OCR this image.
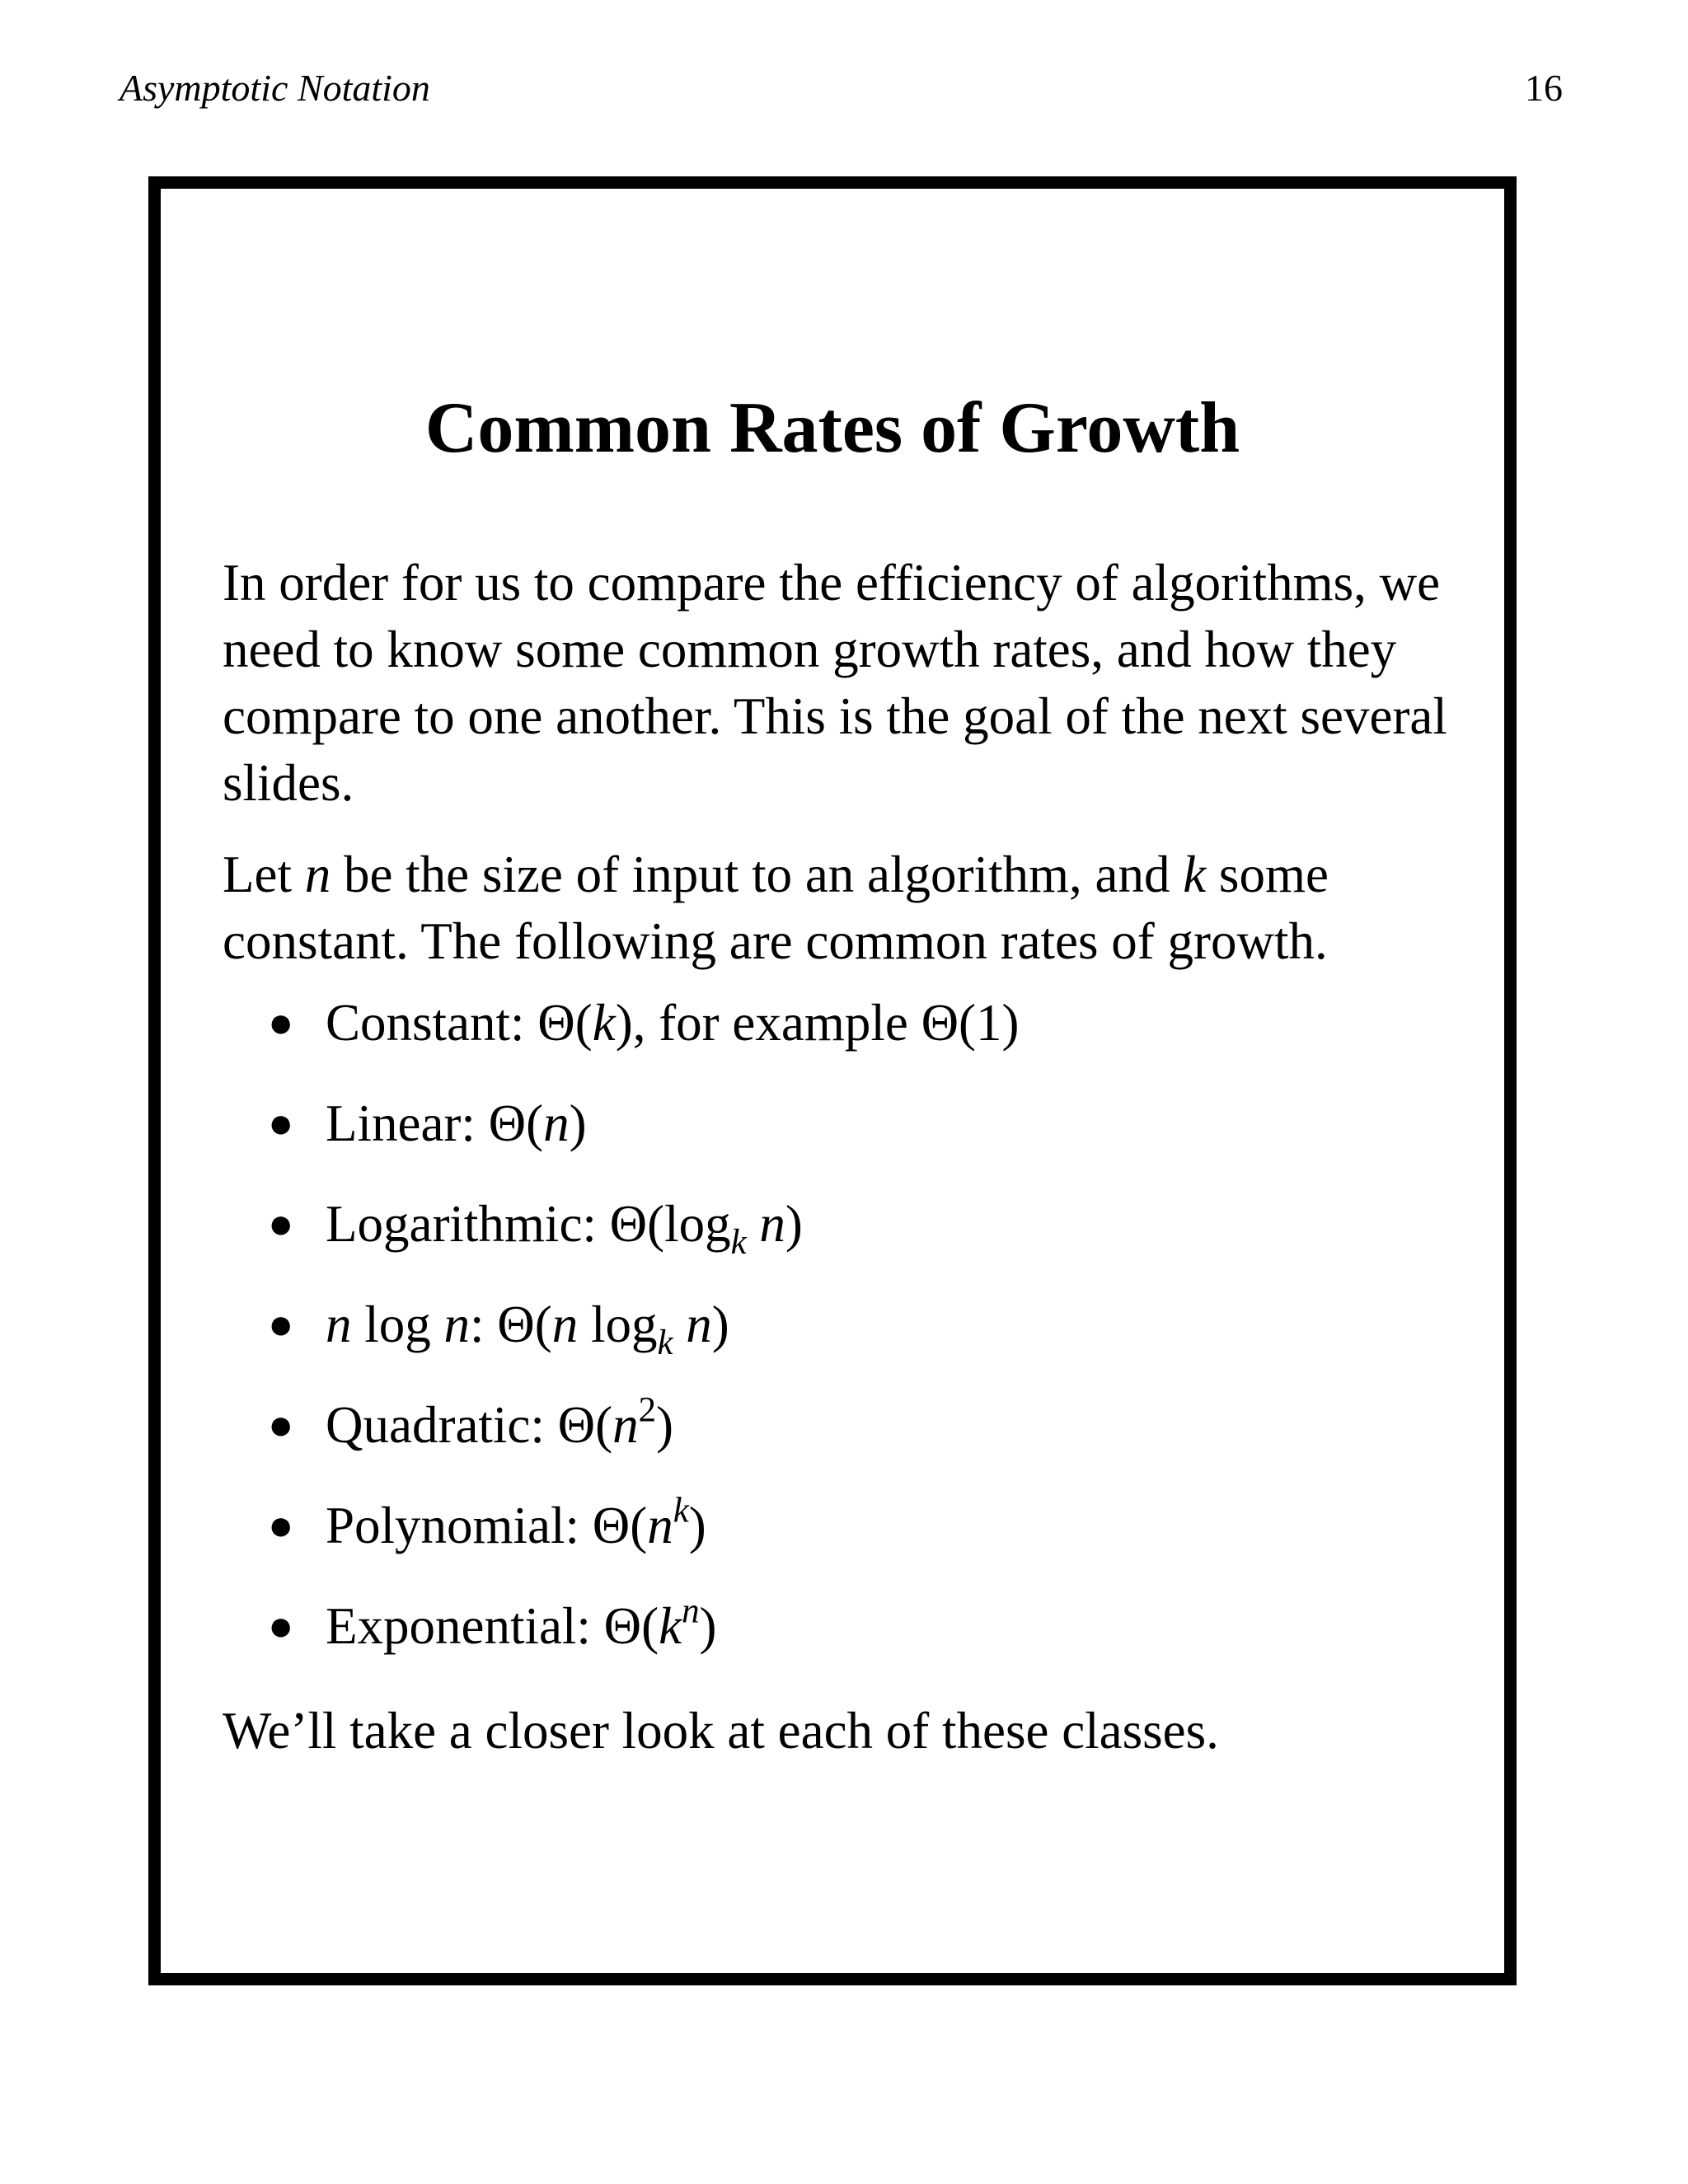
Asymptotic Notation	16
Common Rates of Growth

In order for us to compare the efficiency of algorithms, we need to know some common growth rates, and how they compare to one another. This is the goal of the next several slides.

Let n be the size of input to an algorithm, and k some constant. The following are common rates of growth.

● Constant: Θ(k), for example Θ(1)
● Linear: Θ(n)
● Logarithmic: $\Theta(\log_k$ n)
● n log n: Θ(n $\log_k n$)
● Quadratic: $\Theta(n^2)$
● Polynomial: $\Theta(n^k)$
● Exponential: $\Theta(k^n)$

We’ll take a closer look at each of these classes.
